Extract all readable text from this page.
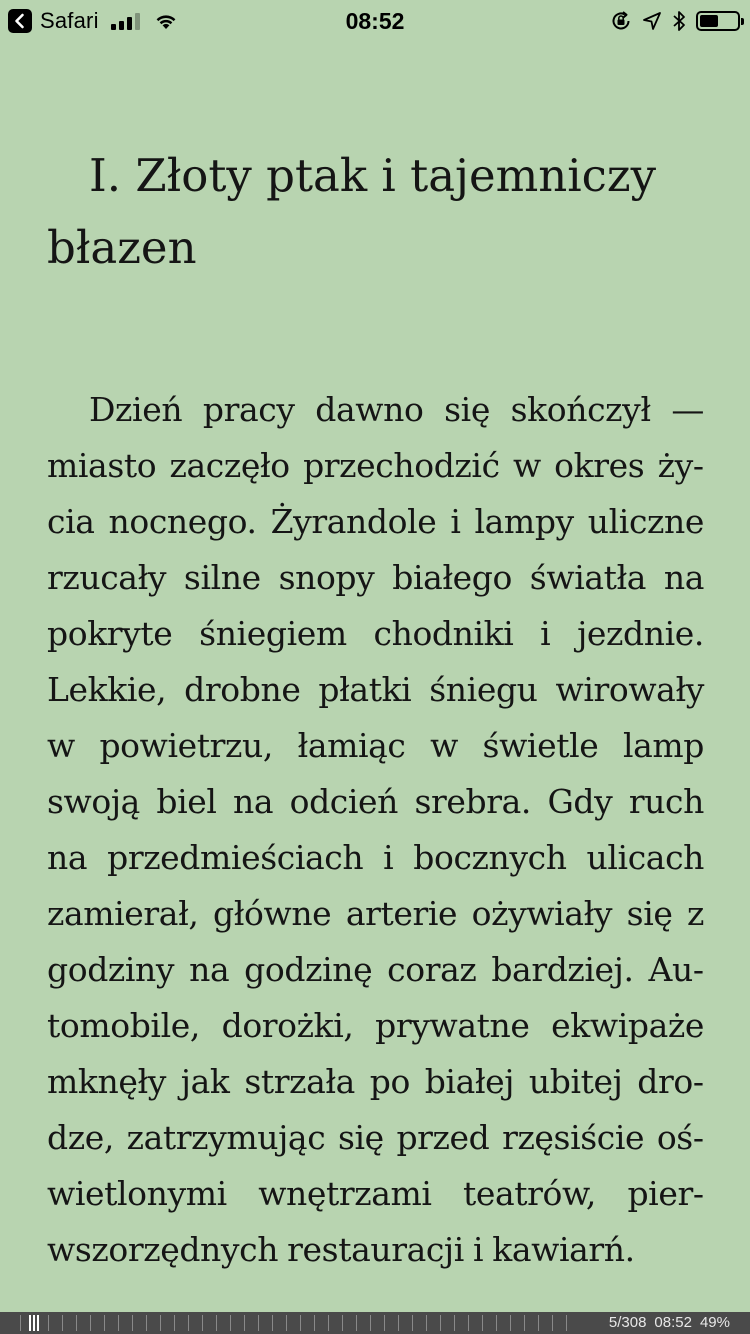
Safari	08:52
I. Złoty ptak i tajemniczy błazen

Dzień pracy dawno się skończył — miasto zaczęło przechodzić w okres życia nocnego. Żyrandole i lampy uliczne rzucały silne snopy białego światła na pokryte śniegiem chodniki i jezdnie. Lekkie, drobne płatki śniegu wirowały w powietrzu, łamiąc w świetle lamp swoją biel na odcień srebra. Gdy ruch na przedmieściach i bocznych ulicach zamierał, główne arterie ożywiały się z godziny na godzinę coraz bardziej. Automobile, dorożki, prywatne ekwipaże mknęły jak strzała po białej ubitej drodze, zatrzymując się przed rzęsiście oświetlonymi wnętrzami teatrów, pierwszorzędnych restauracji i kawiarń.

5/308 08:52 49%
